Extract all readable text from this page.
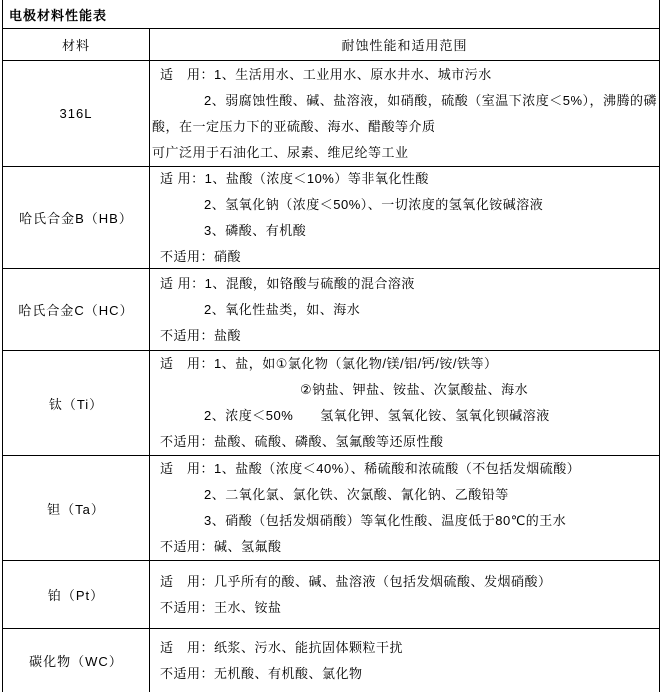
电极材料性能表
材料	耐蚀性能和适用范围
316L
适　用：1、生活用水、工业用水、原水井水、城市污水
2、弱腐蚀性酸、碱、盐溶液，如硝酸，硫酸（室温下浓度＜5%），沸腾的磷
酸，在一定压力下的亚硫酸、海水、醋酸等介质
可广泛用于石油化工、尿素、维尼纶等工业
哈氏合金B（HB）
适 用：1、盐酸（浓度＜10%）等非氧化性酸
2、氢氧化钠（浓度＜50%）、一切浓度的氢氧化铵碱溶液
3、磷酸、有机酸
不适用：硝酸
哈氏合金C（HC）
适 用：1、混酸，如铬酸与硫酸的混合溶液
2、氧化性盐类，如、海水
不适用：盐酸
钛（Ti）
适　用：1、盐，如①氯化物（氯化物/镁/铝/钙/铵/铁等）
②钠盐、钾盐、铵盐、次氯酸盐、海水
2、浓度＜50%　　氢氧化钾、氢氧化铵、氢氧化钡碱溶液
不适用：盐酸、硫酸、磷酸、氢氟酸等还原性酸
钽（Ta）
适　用：1、盐酸（浓度＜40%）、稀硫酸和浓硫酸（不包括发烟硫酸）
2、二氧化氯、氯化铁、次氯酸、氰化钠、乙酸铅等
3、硝酸（包括发烟硝酸）等氧化性酸、温度低于80℃的王水
不适用：碱、氢氟酸
铂（Pt）
适　用：几乎所有的酸、碱、盐溶液（包括发烟硫酸、发烟硝酸）
不适用：王水、铵盐
碳化物（WC）
适　用：纸浆、污水、能抗固体颗粒干扰
不适用：无机酸、有机酸、氯化物
